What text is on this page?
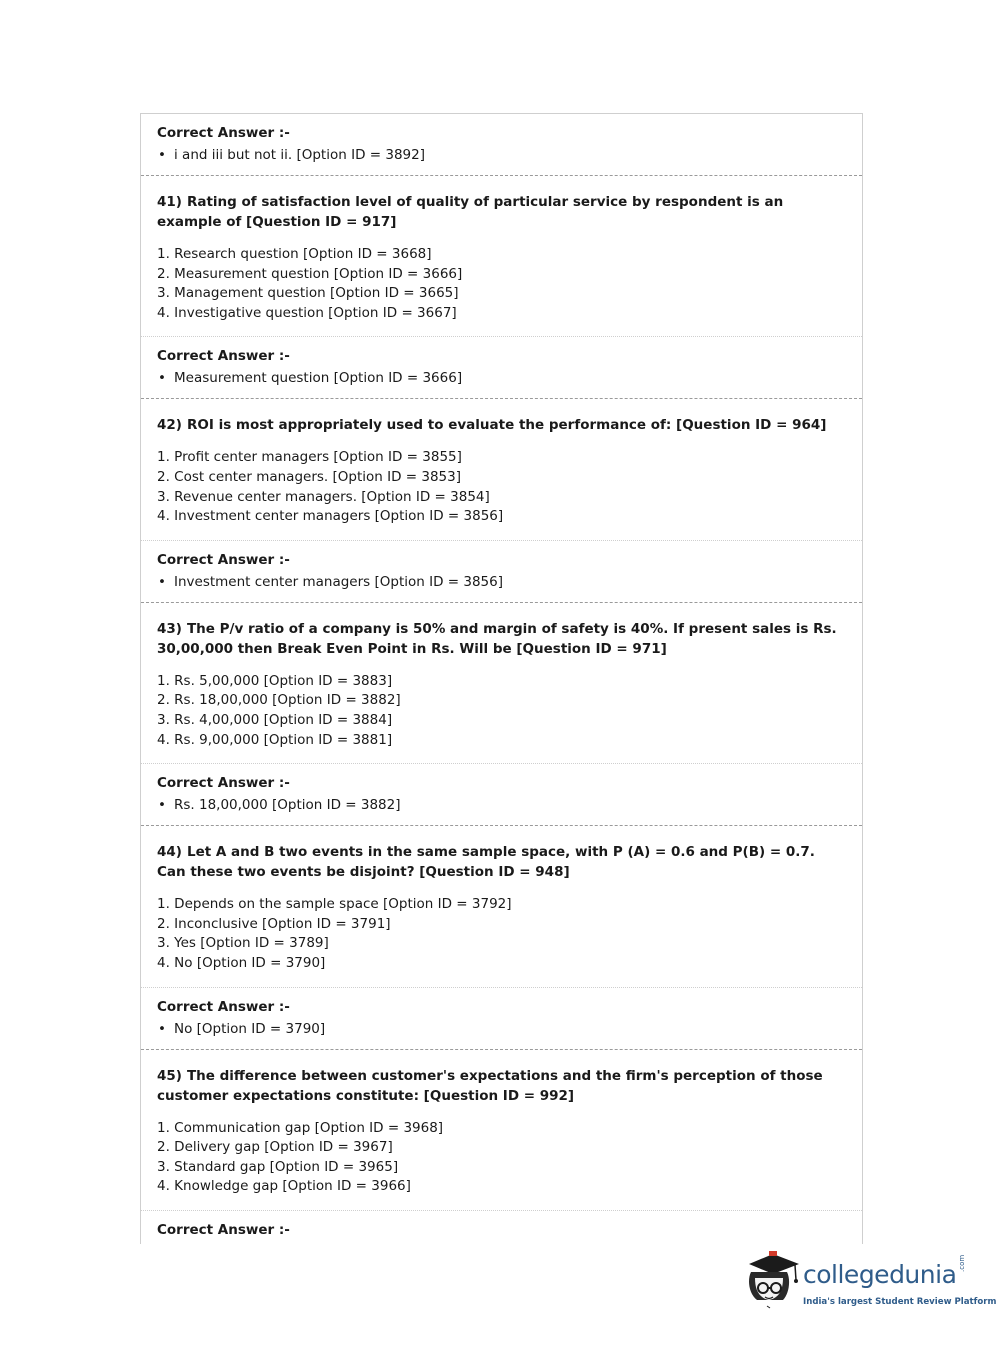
Correct Answer :-
• i and iii but not ii. [Option ID = 3892]
41) Rating of satisfaction level of quality of particular service by respondent is an example of [Question ID = 917]
1. Research question [Option ID = 3668]
2. Measurement question [Option ID = 3666]
3. Management question [Option ID = 3665]
4. Investigative question [Option ID = 3667]
Correct Answer :-
• Measurement question [Option ID = 3666]
42) ROI is most appropriately used to evaluate the performance of: [Question ID = 964]
1. Profit center managers [Option ID = 3855]
2. Cost center managers. [Option ID = 3853]
3. Revenue center managers. [Option ID = 3854]
4. Investment center managers [Option ID = 3856]
Correct Answer :-
• Investment center managers [Option ID = 3856]
43) The P/v ratio of a company is 50% and margin of safety is 40%. If present sales is Rs. 30,00,000 then Break Even Point in Rs. Will be [Question ID = 971]
1. Rs. 5,00,000 [Option ID = 3883]
2. Rs. 18,00,000 [Option ID = 3882]
3. Rs. 4,00,000 [Option ID = 3884]
4. Rs. 9,00,000 [Option ID = 3881]
Correct Answer :-
• Rs. 18,00,000 [Option ID = 3882]
44) Let A and B two events in the same sample space, with P (A) = 0.6 and P(B) = 0.7. Can these two events be disjoint? [Question ID = 948]
1. Depends on the sample space [Option ID = 3792]
2. Inconclusive [Option ID = 3791]
3. Yes [Option ID = 3789]
4. No [Option ID = 3790]
Correct Answer :-
• No [Option ID = 3790]
45) The difference between customer's expectations and the firm's perception of those customer expectations constitute: [Question ID = 992]
1. Communication gap [Option ID = 3968]
2. Delivery gap [Option ID = 3967]
3. Standard gap [Option ID = 3965]
4. Knowledge gap [Option ID = 3966]
Correct Answer :-
collegedunia .com
India's largest Student Review Platform
